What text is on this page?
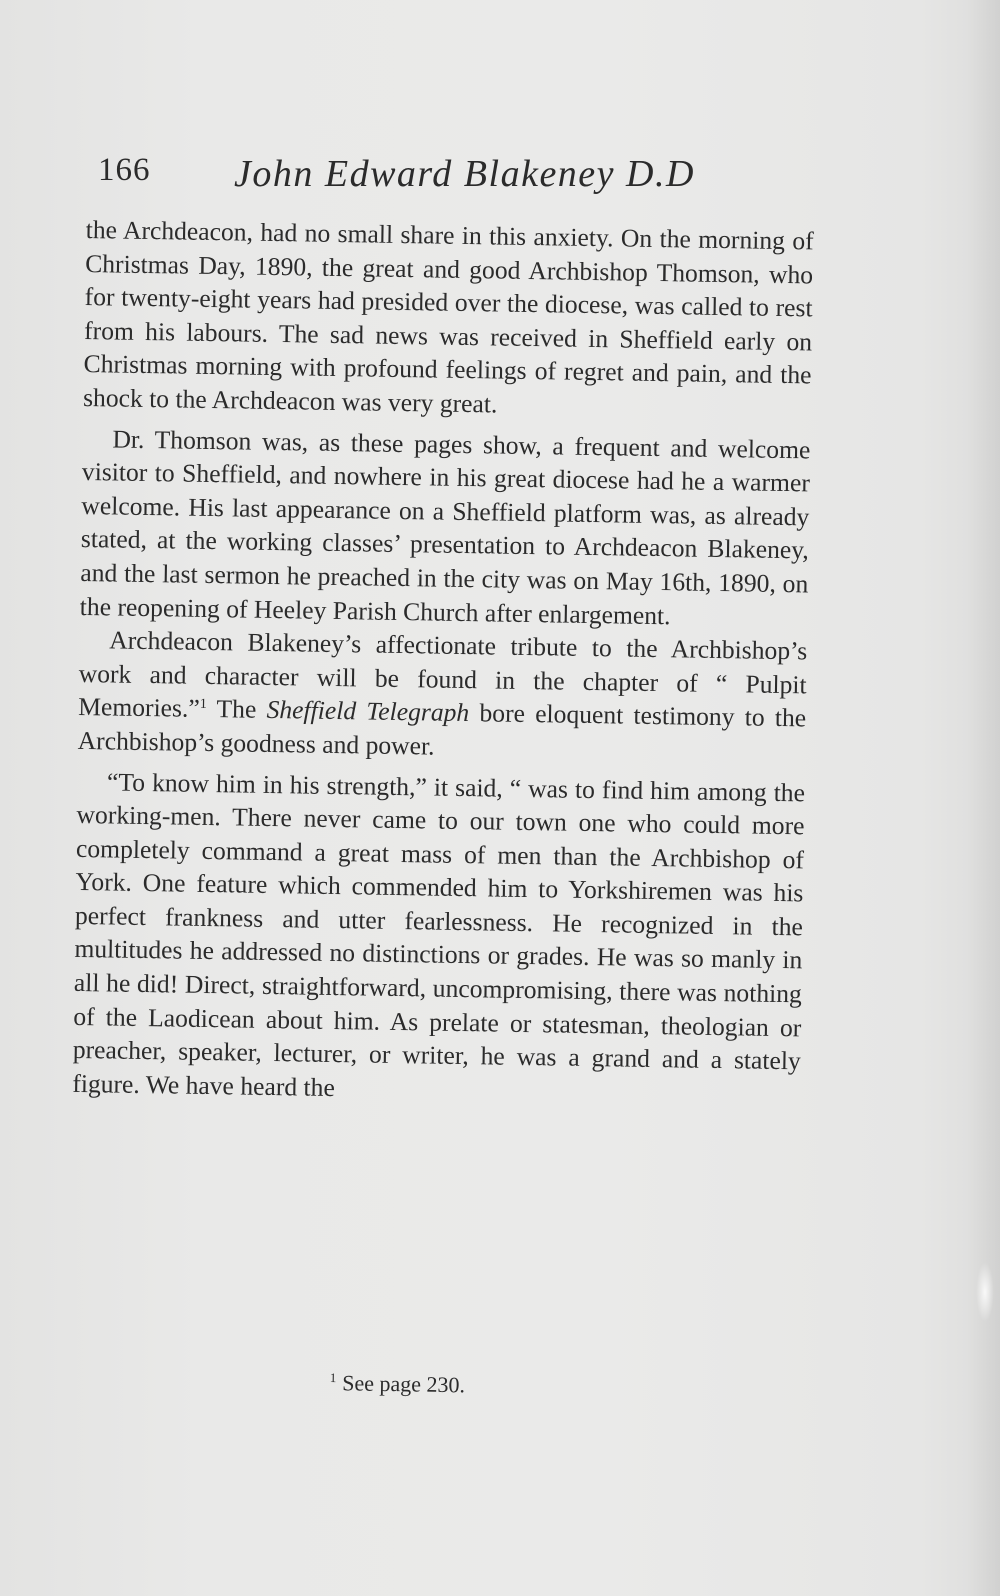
166 John Edward Blakeney D.D

the Archdeacon, had no small share in this anxiety. On the morning of Christmas Day, 1890, the great and good Archbishop Thomson, who for twenty-eight years had presided over the diocese, was called to rest from his labours. The sad news was received in Sheffield early on Christmas morning with profound feelings of regret and pain, and the shock to the Archdeacon was very great.

Dr. Thomson was, as these pages show, a frequent and welcome visitor to Sheffield, and nowhere in his great diocese had he a warmer welcome. His last appearance on a Sheffield platform was, as already stated, at the working classes’ presentation to Archdeacon Blakeney, and the last sermon he preached in the city was on May 16th, 1890, on the reopening of Heeley Parish Church after enlargement.

Archdeacon Blakeney’s affectionate tribute to the Archbishop’s work and character will be found in the chapter of “ Pulpit Memories.”$^1$ The Sheffield Telegraph bore eloquent testimony to the Archbishop’s goodness and power.

“To know him in his strength,” it said, “ was to find him among the working-men. There never came to our town one who could more completely command a great mass of men than the Archbishop of York. One feature which commended him to Yorkshiremen was his perfect frankness and utter fearlessness. He recognized in the multitudes he addressed no distinctions or grades. He was so manly in all he did! Direct, straightforward, uncompromising, there was nothing of the Laodicean about him. As prelate or statesman, theologian or preacher, speaker, lecturer, or writer, he was a grand and a stately figure. We have heard the

$^1$ See page 230.
